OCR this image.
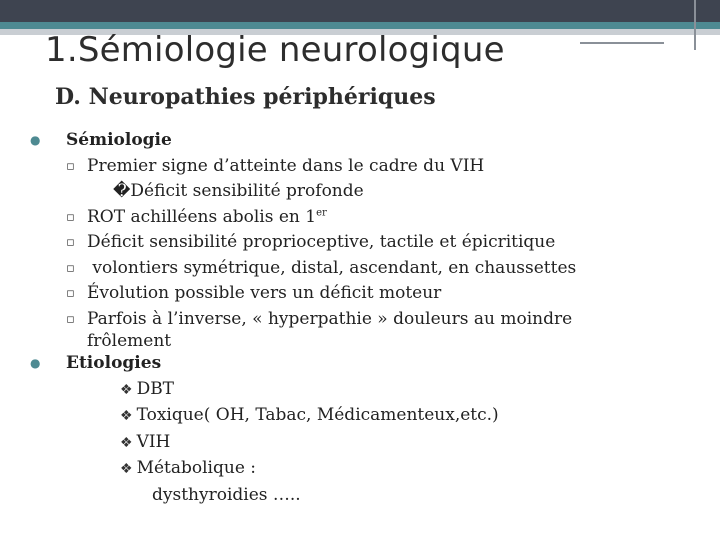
1.Sémiologie neurologique
D. Neuropathies périphériques
● Sémiologie
▫ Premier signe d’atteinte dans le cadre du VIH
�Déficit sensibilité profonde
▫ ROT achilléens abolis en 1er
▫ Déficit sensibilité proprioceptive, tactile et épicritique
▫ volontiers symétrique, distal, ascendant, en chaussettes
▫ Évolution possible vers un déficit moteur
▫ Parfois à l’inverse, « hyperpathie » douleurs au moindre
frôlement
● Etiologies
❖ DBT
❖ Toxique( OH, Tabac, Médicamenteux,etc.)
❖ VIH
❖ Métabolique :
dysthyroidies …..
